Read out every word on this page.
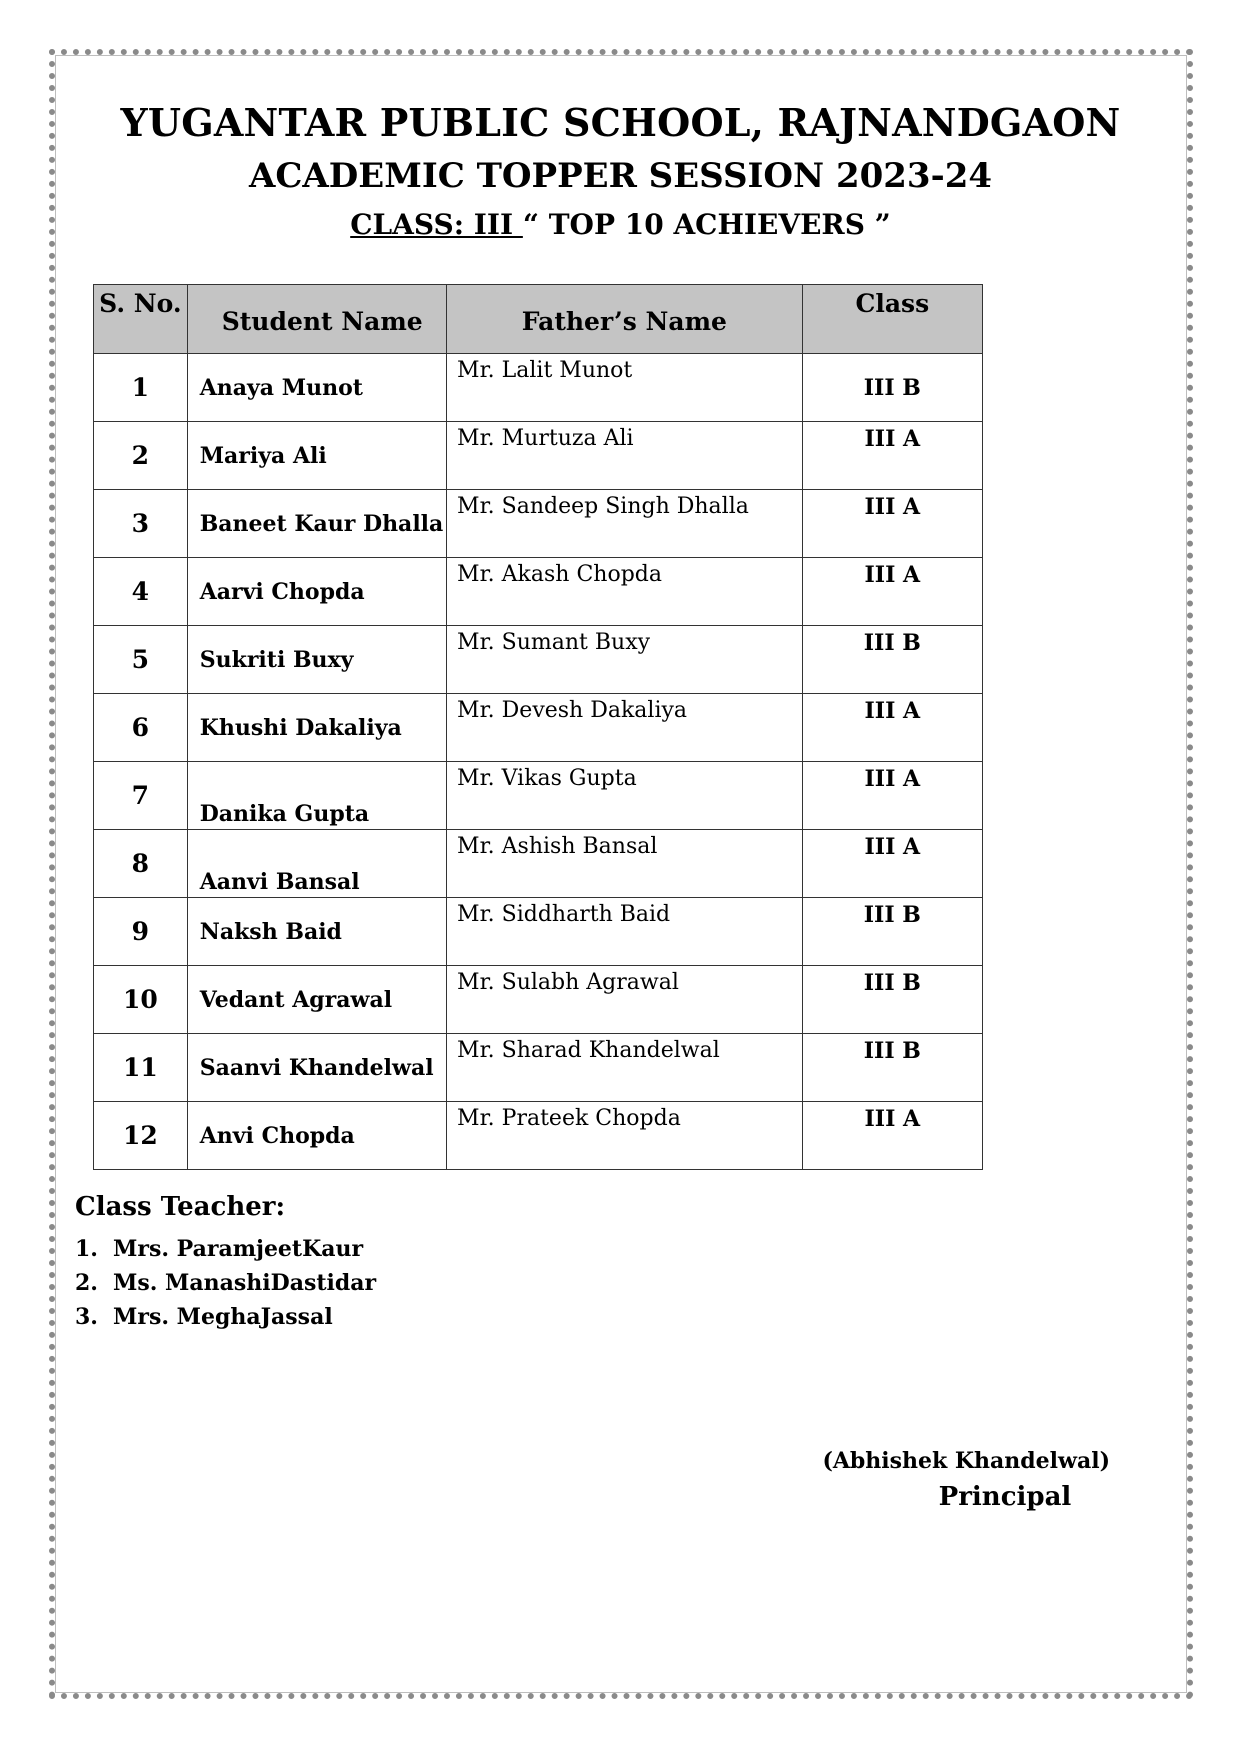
YUGANTAR PUBLIC SCHOOL, RAJNANDGAON
ACADEMIC TOPPER SESSION 2023-24
CLASS: III “ TOP 10 ACHIEVERS ”
S. No.	Student Name	Father’s Name	Class

1	Anaya Munot	Mr. Lalit Munot	III B
2	Mariya Ali	Mr. Murtuza Ali	III A
3	Baneet Kaur Dhalla	Mr. Sandeep Singh Dhalla	III A
4	Aarvi Chopda	Mr. Akash Chopda	III A
5	Sukriti Buxy	Mr. Sumant Buxy	III B
6	Khushi Dakaliya	Mr. Devesh Dakaliya	III A
7	Danika Gupta	Mr. Vikas Gupta	III A
8	Aanvi Bansal	Mr. Ashish Bansal	III A
9	Naksh Baid	Mr. Siddharth Baid	III B
10	Vedant Agrawal	Mr. Sulabh Agrawal	III B
11	Saanvi Khandelwal	Mr. Sharad Khandelwal	III B
12	Anvi Chopda	Mr. Prateek Chopda	III A
Class Teacher:
1. Mrs. ParamjeetKaur
2. Ms. ManashiDastidar
3. Mrs. MeghaJassal
(Abhishek Khandelwal)
Principal
